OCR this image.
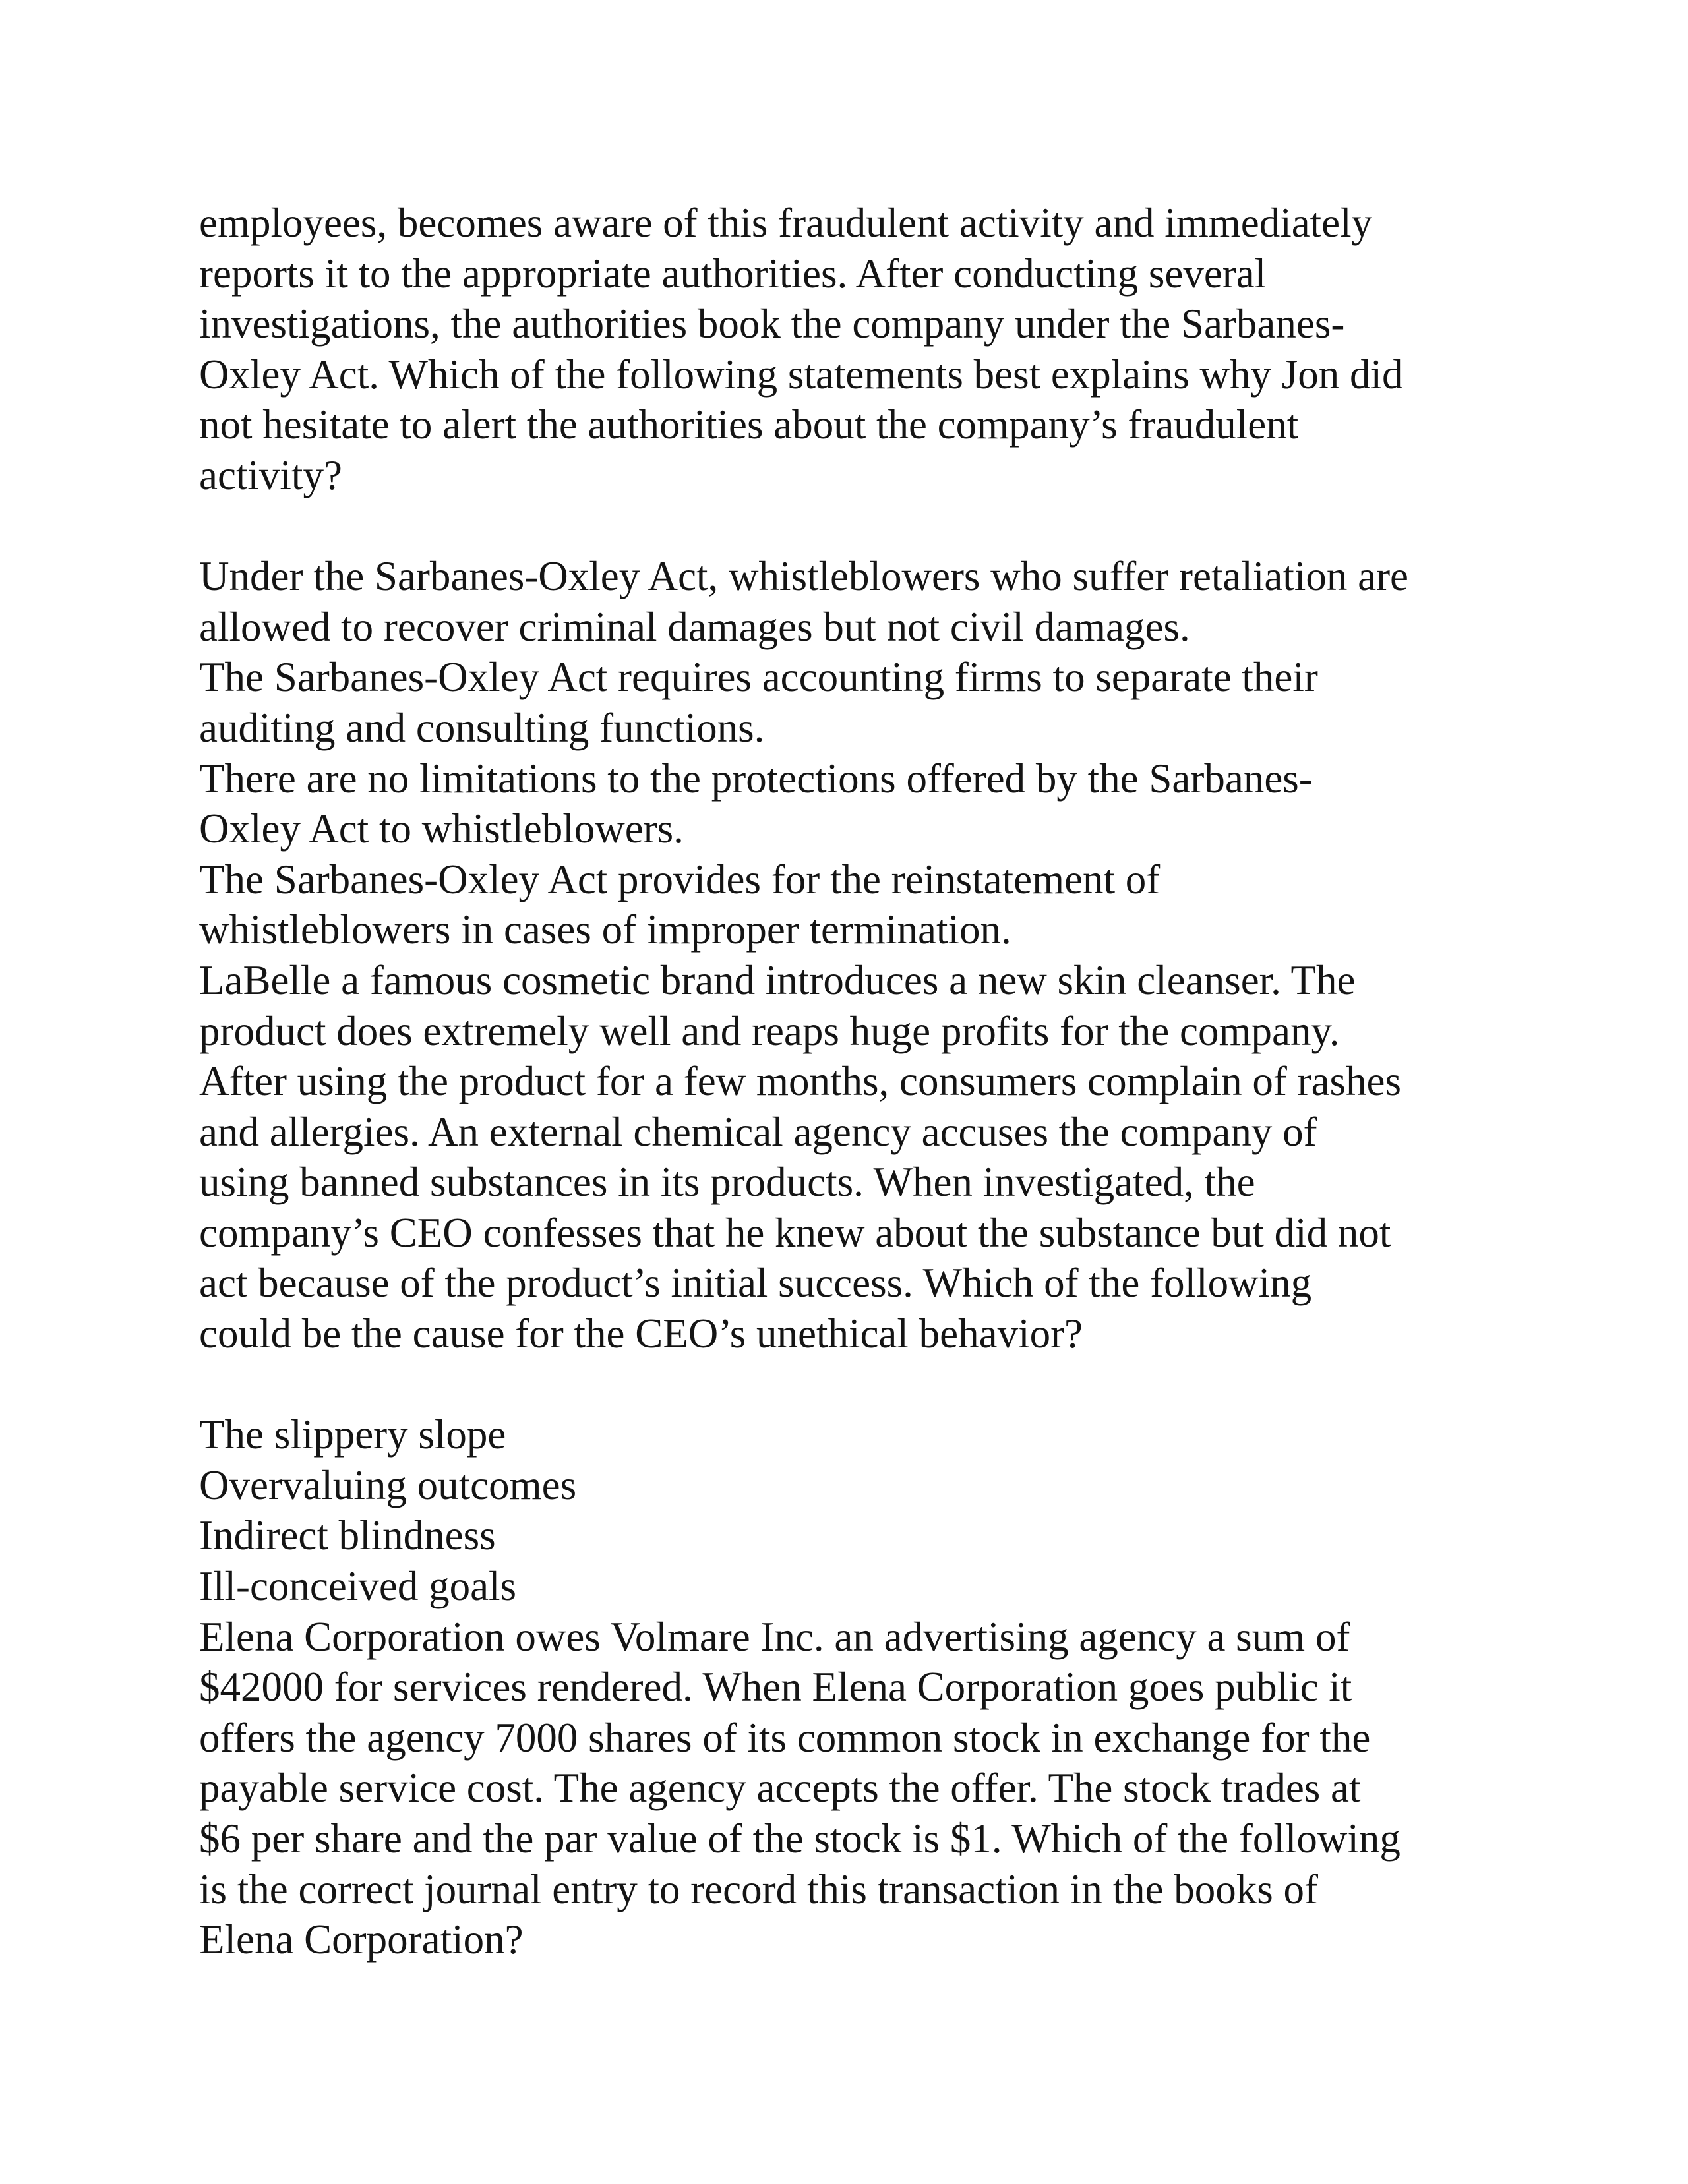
employees, becomes aware of this fraudulent activity and immediately
reports it to the appropriate authorities. After conducting several
investigations, the authorities book the company under the Sarbanes-
Oxley Act. Which of the following statements best explains why Jon did
not hesitate to alert the authorities about the company’s fraudulent
activity?
Under the Sarbanes-Oxley Act, whistleblowers who suffer retaliation are
allowed to recover criminal damages but not civil damages.
The Sarbanes-Oxley Act requires accounting firms to separate their
auditing and consulting functions.
There are no limitations to the protections offered by the Sarbanes-
Oxley Act to whistleblowers.
The Sarbanes-Oxley Act provides for the reinstatement of
whistleblowers in cases of improper termination.
LaBelle a famous cosmetic brand introduces a new skin cleanser. The
product does extremely well and reaps huge profits for the company.
After using the product for a few months, consumers complain of rashes
and allergies. An external chemical agency accuses the company of
using banned substances in its products. When investigated, the
company’s CEO confesses that he knew about the substance but did not
act because of the product’s initial success. Which of the following
could be the cause for the CEO’s unethical behavior?
The slippery slope
Overvaluing outcomes
Indirect blindness
Ill-conceived goals
Elena Corporation owes Volmare Inc. an advertising agency a sum of
$42000 for services rendered. When Elena Corporation goes public it
offers the agency 7000 shares of its common stock in exchange for the
payable service cost. The agency accepts the offer. The stock trades at
$6 per share and the par value of the stock is $1. Which of the following
is the correct journal entry to record this transaction in the books of
Elena Corporation?
